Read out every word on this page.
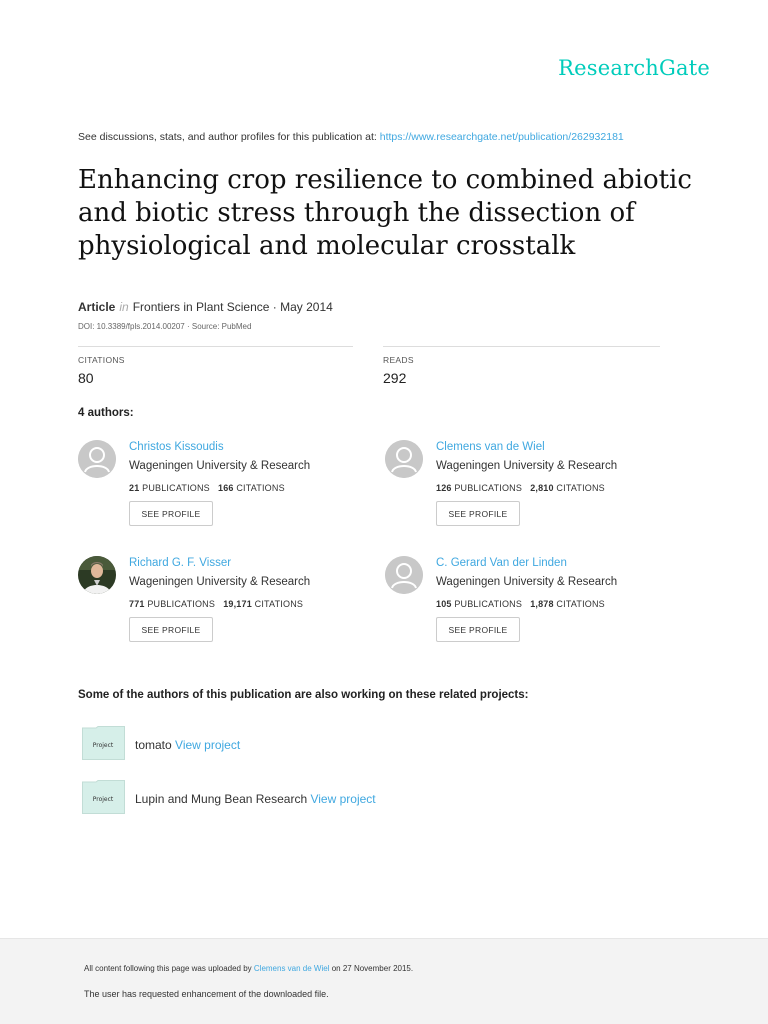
ResearchGate
See discussions, stats, and author profiles for this publication at: https://www.researchgate.net/publication/262932181
Enhancing crop resilience to combined abiotic and biotic stress through the dissection of physiological and molecular crosstalk
Article in Frontiers in Plant Science · May 2014
DOI: 10.3389/fpls.2014.00207 · Source: PubMed
CITATIONS
80
READS
292
4 authors:
Christos Kissoudis
Wageningen University & Research
21 PUBLICATIONS 166 CITATIONS
SEE PROFILE
Clemens van de Wiel
Wageningen University & Research
126 PUBLICATIONS 2,810 CITATIONS
SEE PROFILE
Richard G. F. Visser
Wageningen University & Research
771 PUBLICATIONS 19,171 CITATIONS
SEE PROFILE
C. Gerard Van der Linden
Wageningen University & Research
105 PUBLICATIONS 1,878 CITATIONS
SEE PROFILE
Some of the authors of this publication are also working on these related projects:
Project tomato View project
Project Lupin and Mung Bean Research View project
All content following this page was uploaded by Clemens van de Wiel on 27 November 2015.
The user has requested enhancement of the downloaded file.
